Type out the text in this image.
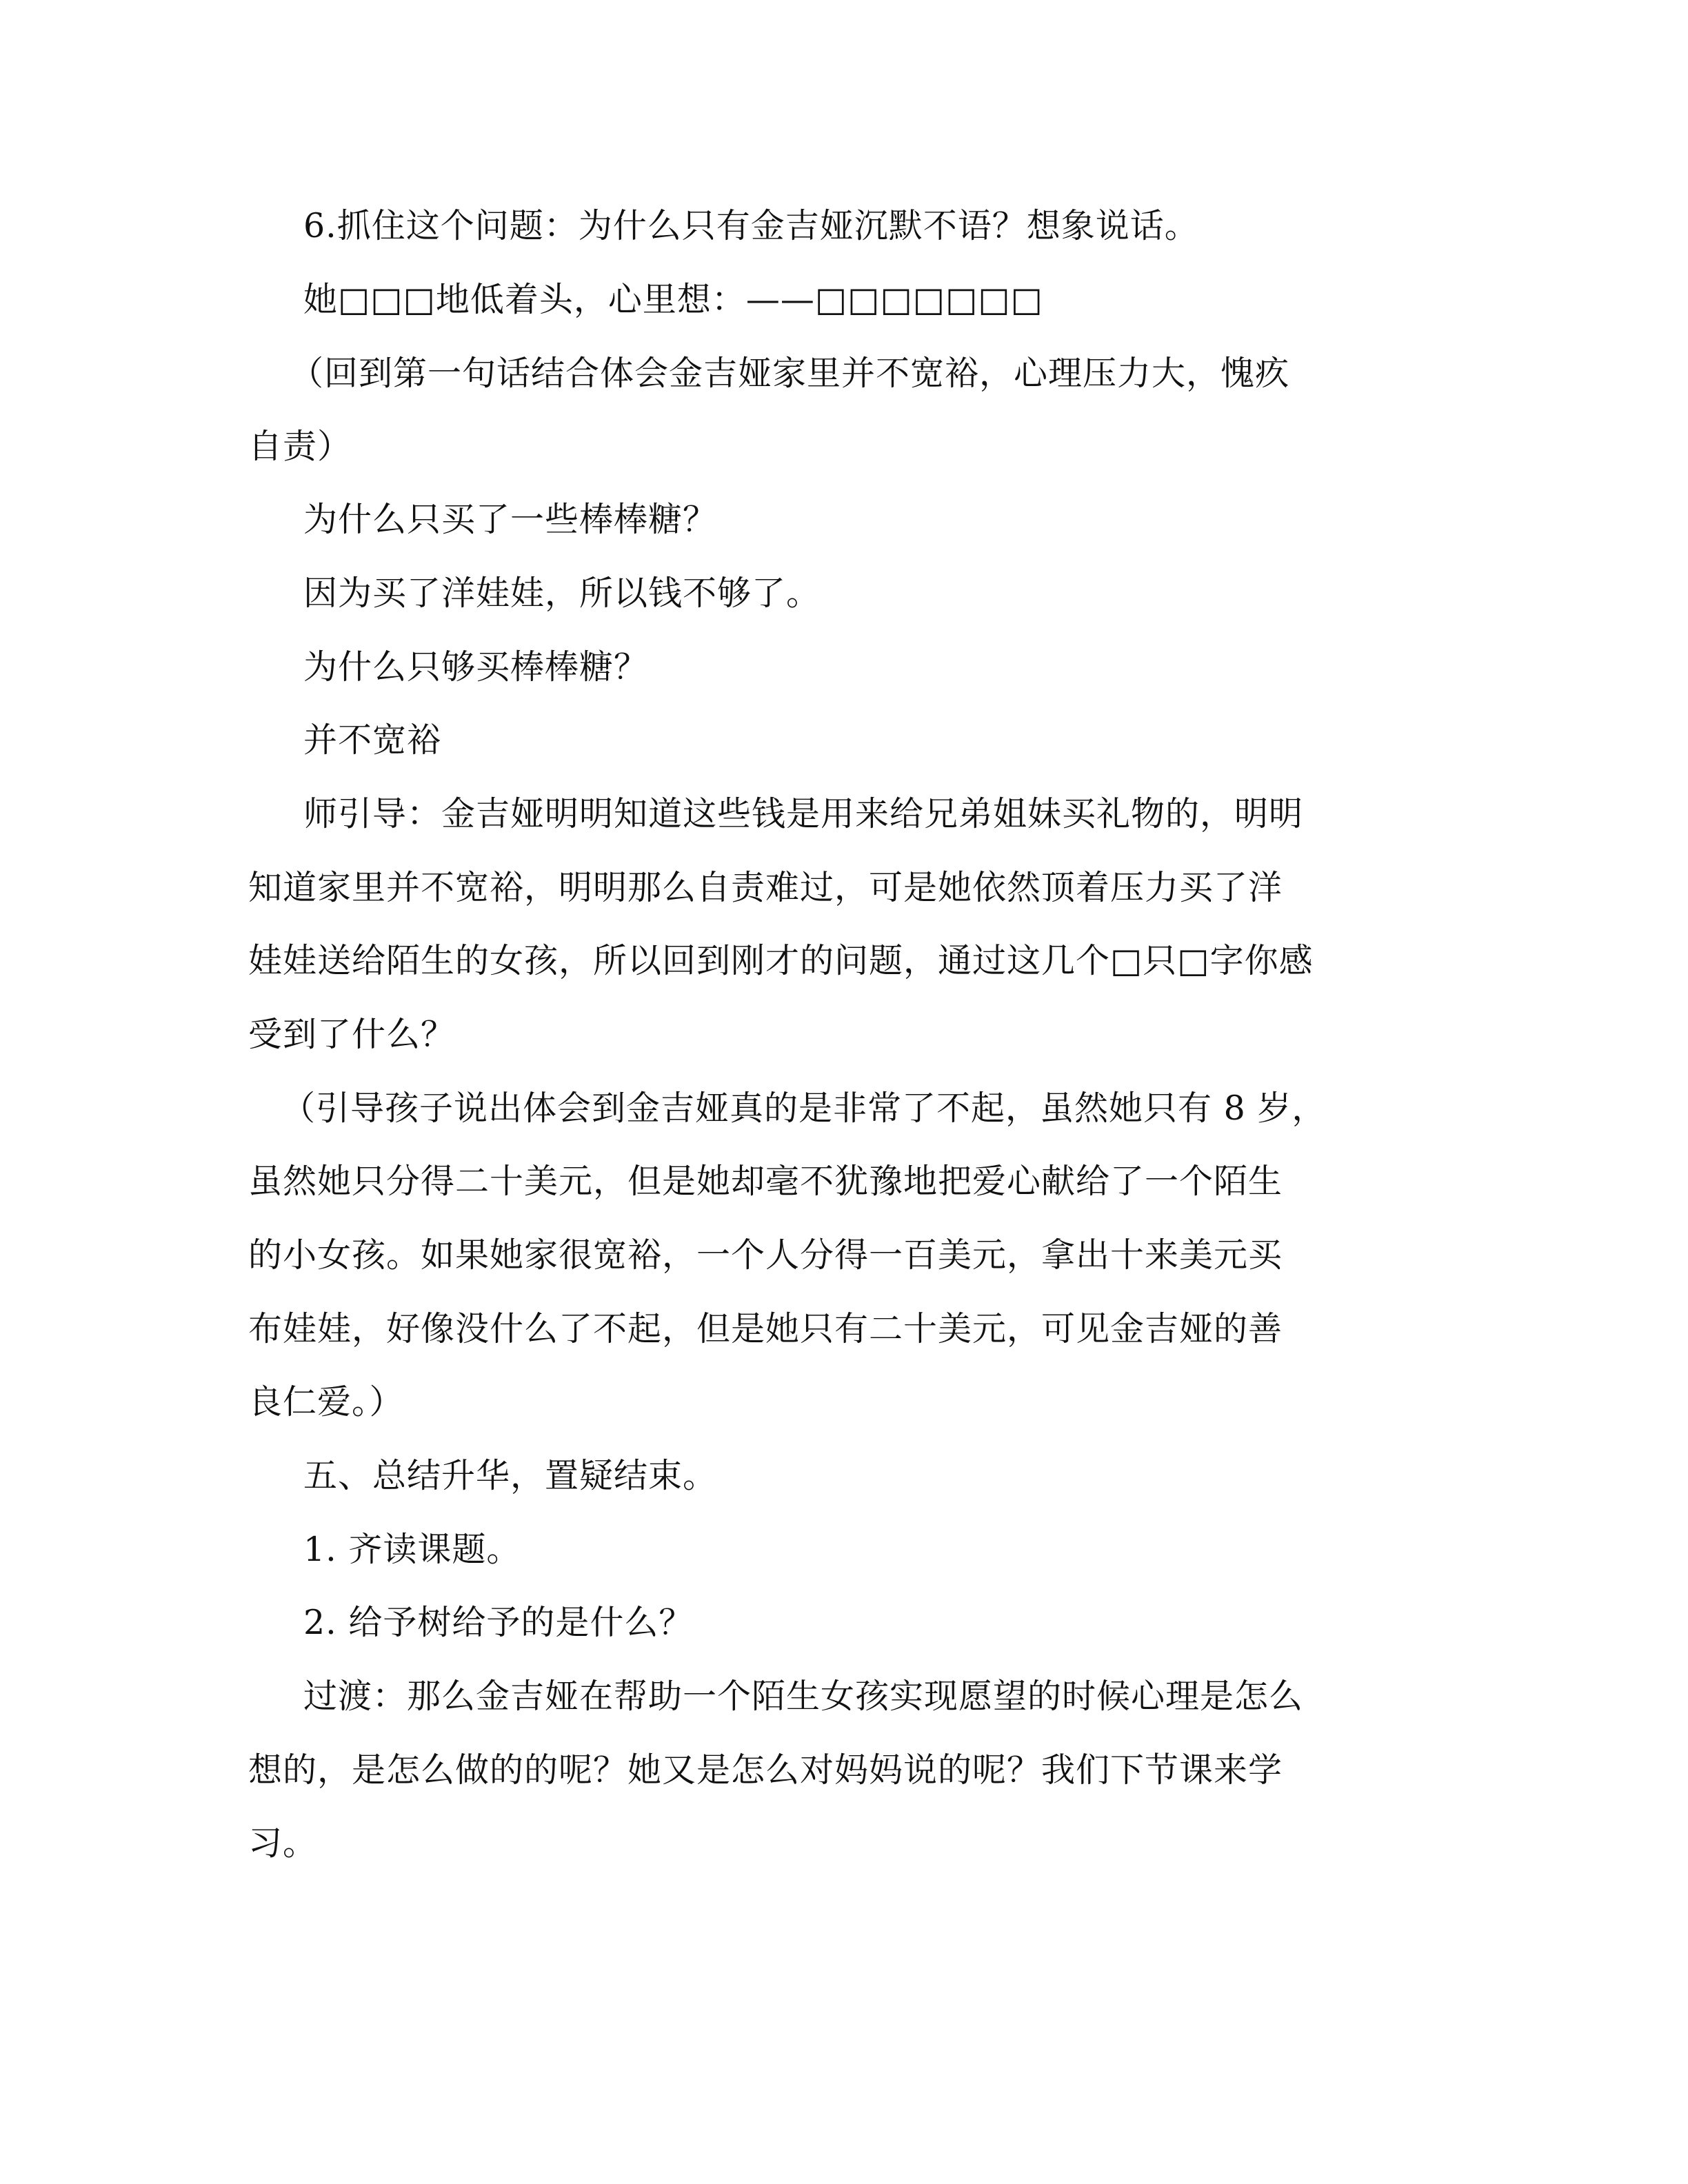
6.抓住这个问题：为什么只有金吉娅沉默不语？想象说话。
她□□□地低着头，心里想：——□□□□□□□
（回到第一句话结合体会金吉娅家里并不宽裕，心理压力大，愧疚
自责）
为什么只买了一些棒棒糖？
因为买了洋娃娃，所以钱不够了。
为什么只够买棒棒糖？
并不宽裕
师引导：金吉娅明明知道这些钱是用来给兄弟姐妹买礼物的，明明
知道家里并不宽裕，明明那么自责难过，可是她依然顶着压力买了洋
娃娃送给陌生的女孩，所以回到刚才的问题，通过这几个□只□字你感
受到了什么？
（引导孩子说出体会到金吉娅真的是非常了不起，虽然她只有 8 岁，
虽然她只分得二十美元，但是她却毫不犹豫地把爱心献给了一个陌生
的小女孩。如果她家很宽裕，一个人分得一百美元，拿出十来美元买
布娃娃，好像没什么了不起，但是她只有二十美元，可见金吉娅的善
良仁爱。）
五、总结升华，置疑结束。
1. 齐读课题。
2. 给予树给予的是什么？
过渡：那么金吉娅在帮助一个陌生女孩实现愿望的时候心理是怎么
想的，是怎么做的的呢？她又是怎么对妈妈说的呢？我们下节课来学
习。
